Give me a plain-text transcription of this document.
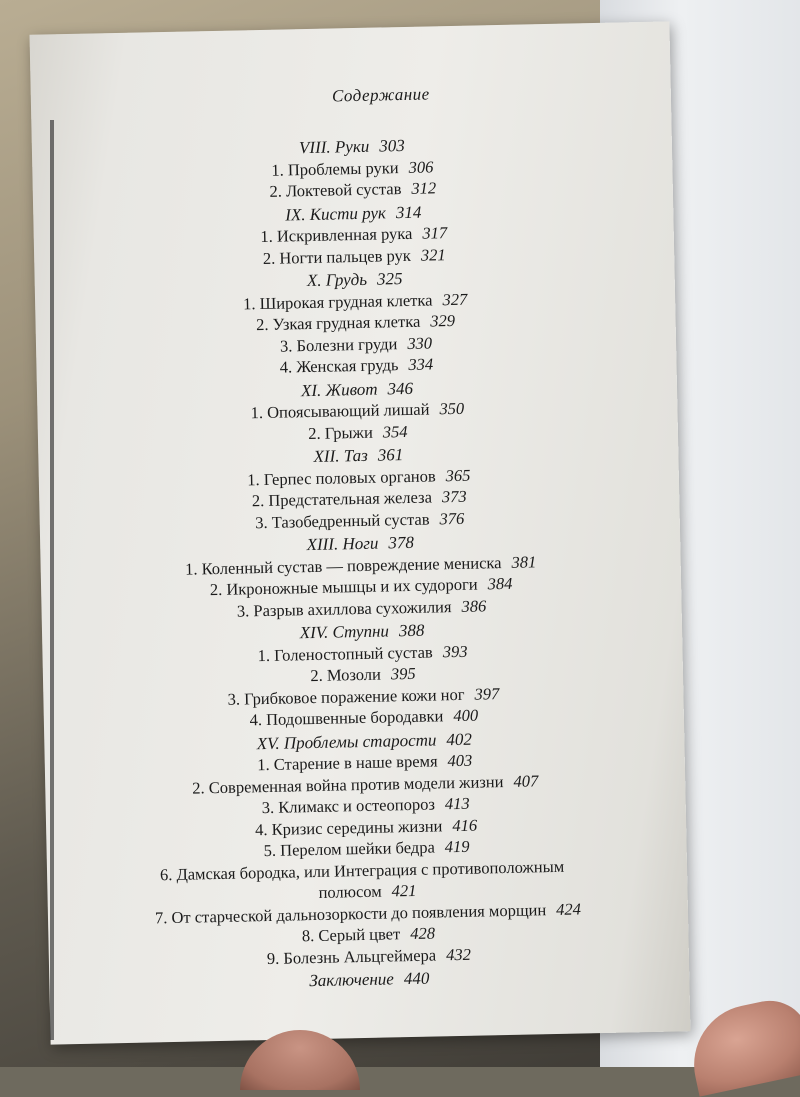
Содержание
VIII. Руки 303
1. Проблемы руки 306
2. Локтевой сустав 312
IX. Кисти рук 314
1. Искривленная рука 317
2. Ногти пальцев рук 321
X. Грудь 325
1. Широкая грудная клетка 327
2. Узкая грудная клетка 329
3. Болезни груди 330
4. Женская грудь 334
XI. Живот 346
1. Опоясывающий лишай 350
2. Грыжи 354
XII. Таз 361
1. Герпес половых органов 365
2. Предстательная железа 373
3. Тазобедренный сустав 376
XIII. Ноги 378
1. Коленный сустав — повреждение мениска 381
2. Икроножные мышцы и их судороги 384
3. Разрыв ахиллова сухожилия 386
XIV. Ступни 388
1. Голеностопный сустав 393
2. Мозоли 395
3. Грибковое поражение кожи ног 397
4. Подошвенные бородавки 400
XV. Проблемы старости 402
1. Старение в наше время 403
2. Современная война против модели жизни 407
3. Климакс и остеопороз 413
4. Кризис середины жизни 416
5. Перелом шейки бедра 419
6. Дамская бородка, или Интеграция с противоположным
полюсом 421
7. От старческой дальнозоркости до появления морщин 424
8. Серый цвет 428
9. Болезнь Альцгеймера 432
Заключение 440
